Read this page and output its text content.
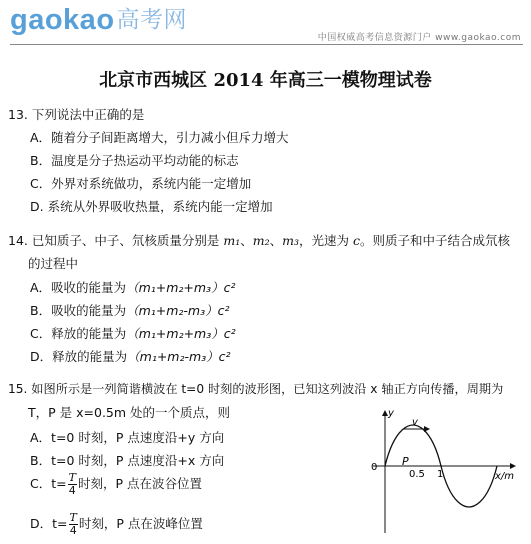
gaokao高考网
中国权威高考信息资源门户 www.gaokao.com
北京市西城区 2014 年高三一模物理试卷
13. 下列说法中正确的是
A．随着分子间距离增大，引力减小但斥力增大
B．温度是分子热运动平均动能的标志
C．外界对系统做功，系统内能一定增加
D. 系统从外界吸收热量，系统内能一定增加
14. 已知质子、中子、氘核质量分别是 m₁、m₂、m₃，光速为 c。则质子和中子结合成氘核
的过程中
A．吸收的能量为（m₁+m₂+m₃）c²
B．吸收的能量为（m₁+m₂-m₃）c²
C．释放的能量为（m₁+m₂+m₃）c²
D．释放的能量为（m₁+m₂-m₃）c²
15. 如图所示是一列简谐横波在 t=0 时刻的波形图，已知这列波沿 x 轴正方向传播，周期为
T，P 是 x=0.5m 处的一个质点，则
A．t=0 时刻，P 点速度沿+y 方向
B．t=0 时刻，P 点速度沿+x 方向
C．$t= \frac{T}{4}$ 时刻，P 点在波谷位置
D．$t= \frac{T}{4}$ 时刻，P 点在波峰位置
v
y
x/m
0
0.5 1
P
